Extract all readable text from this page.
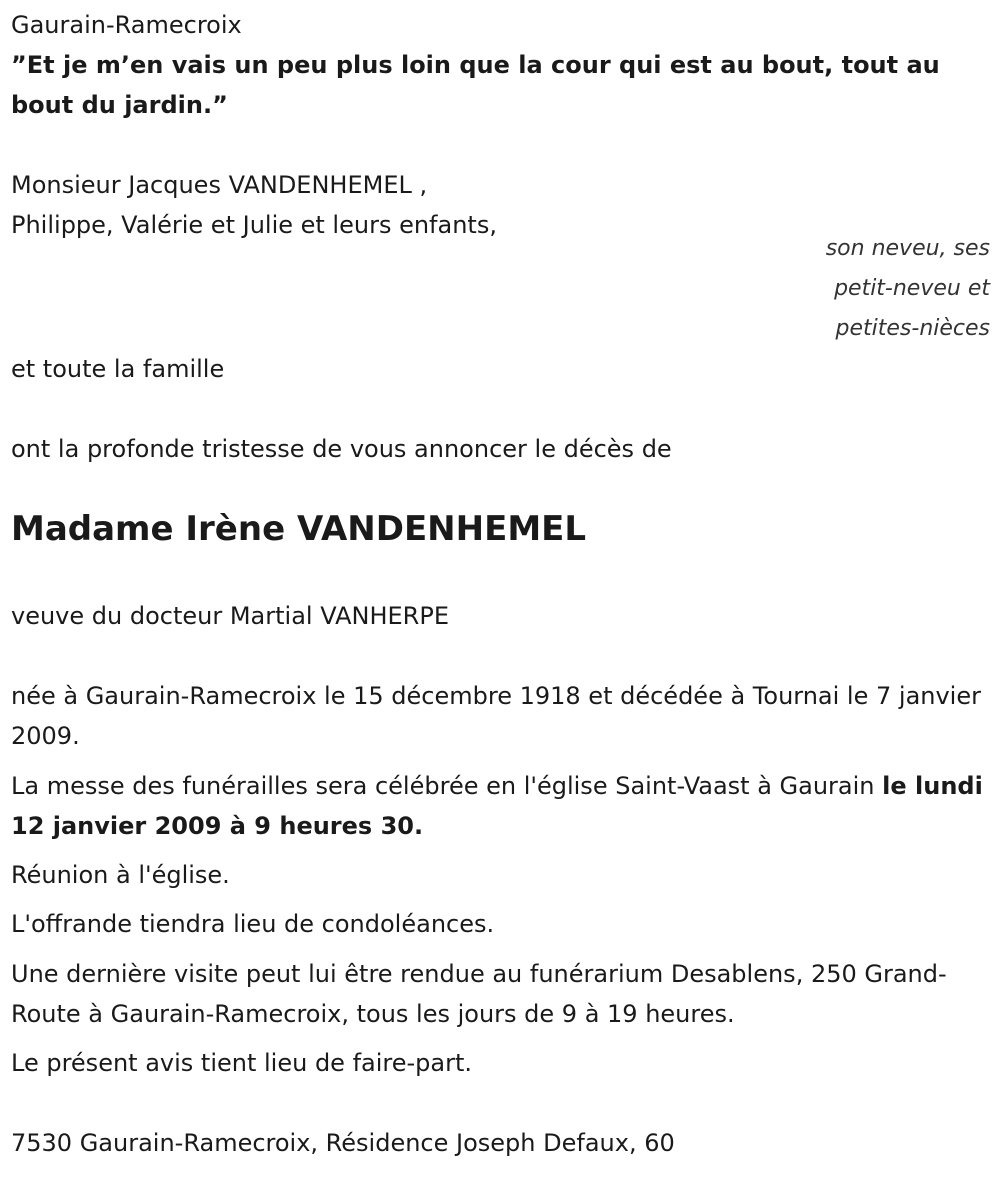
Gaurain-Ramecroix

”Et je m’en vais un peu plus loin que la cour qui est au bout, tout au bout du jardin.”

Monsieur Jacques VANDENHEMEL ,

Philippe, Valérie et Julie et leurs enfants,

son neveu, ses
petit-neveu et
petites-nièces

et toute la famille

ont la profonde tristesse de vous annoncer le décès de

Madame Irène VANDENHEMEL

veuve du docteur Martial VANHERPE

née à Gaurain-Ramecroix le 15 décembre 1918 et décédée à Tournai le 7 janvier 2009.

La messe des funérailles sera célébrée en l'église Saint-Vaast à Gaurain le lundi 12 janvier 2009 à 9 heures 30.

Réunion à l'église.

L'offrande tiendra lieu de condoléances.

Une dernière visite peut lui être rendue au funérarium Desablens, 250 Grand-Route à Gaurain-Ramecroix, tous les jours de 9 à 19 heures.

Le présent avis tient lieu de faire-part.

7530 Gaurain-Ramecroix, Résidence Joseph Defaux, 60
